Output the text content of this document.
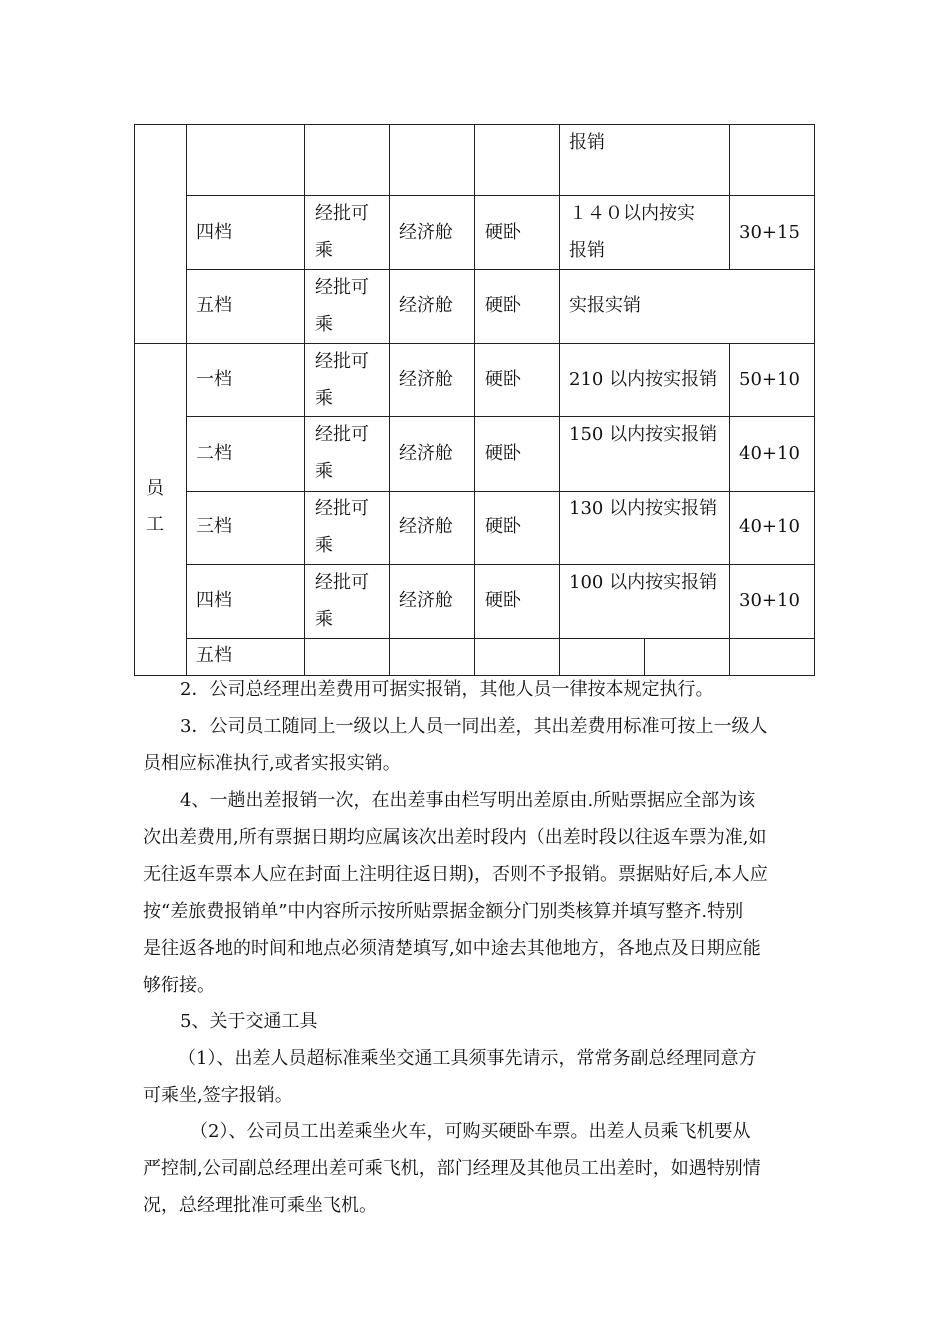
报销
四档
经批可
乘
经济舱 硬卧
１４０以内按实
报销
30+15
五档
经批可
乘
经济舱 硬卧	实报实销
员
工
一档
经批可
乘
经济舱 硬卧	210 以内按实报销 50+10
二档
经批可
乘
经济舱 硬卧
150 以内按实报销
40+10
三档
经批可
乘
经济舱 硬卧
130 以内按实报销
40+10
四档
经批可
乘
经济舱 硬卧
100 以内按实报销
30+10
五档
2．公司总经理出差费用可据实报销，其他人员一律按本规定执行。
3．公司员工随同上一级以上人员一同出差，其出差费用标准可按上一级人
员相应标准执行,或者实报实销。
4、一趟出差报销一次，在出差事由栏写明出差原由.所贴票据应全部为该
次出差费用,所有票据日期均应属该次出差时段内（出差时段以往返车票为准,如
无往返车票本人应在封面上注明往返日期)，否则不予报销。票据贴好后,本人应
按“差旅费报销单”中内容所示按所贴票据金额分门别类核算并填写整齐.特别
是往返各地的时间和地点必须清楚填写,如中途去其他地方，各地点及日期应能
够衔接。
5、关于交通工具
（1）、出差人员超标准乘坐交通工具须事先请示，常常务副总经理同意方
可乘坐,签字报销。
（2）、公司员工出差乘坐火车，可购买硬卧车票。出差人员乘飞机要从
严控制,公司副总经理出差可乘飞机，部门经理及其他员工出差时，如遇特别情
况，总经理批准可乘坐飞机。
